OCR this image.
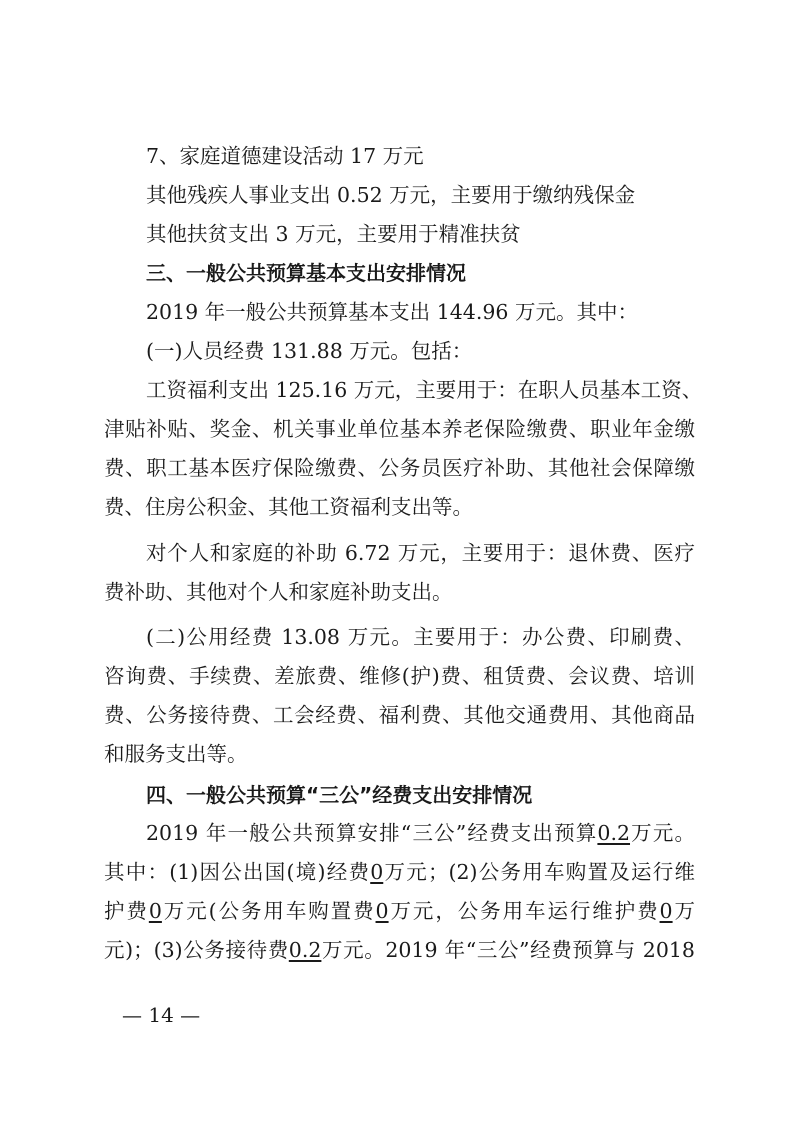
7、家庭道德建设活动 17 万元
其他残疾人事业支出 0.52 万元，主要用于缴纳残保金
其他扶贫支出 3 万元，主要用于精准扶贫
三、一般公共预算基本支出安排情况
2019 年一般公共预算基本支出 144.96 万元。其中：
(一)人员经费 131.88 万元。包括：
工资福利支出 125.16 万元，主要用于：在职人员基本工资、
津贴补贴、奖金、机关事业单位基本养老保险缴费、职业年金缴
费、职工基本医疗保险缴费、公务员医疗补助、其他社会保障缴
费、住房公积金、其他工资福利支出等。
对个人和家庭的补助 6.72 万元，主要用于：退休费、医疗
费补助、其他对个人和家庭补助支出。
(二)公用经费 13.08 万元。主要用于：办公费、印刷费、
咨询费、手续费、差旅费、维修(护)费、租赁费、会议费、培训
费、公务接待费、工会经费、福利费、其他交通费用、其他商品
和服务支出等。
四、一般公共预算“三公”经费支出安排情况
2019 年一般公共预算安排“三公”经费支出预算0.2万元。
其中：(1)因公出国(境)经费0万元；(2)公务用车购置及运行维
护费0万元(公务用车购置费0万元，公务用车运行维护费0万
元)；(3)公务接待费0.2万元。2019 年“三公”经费预算与 2018
— 14 —
